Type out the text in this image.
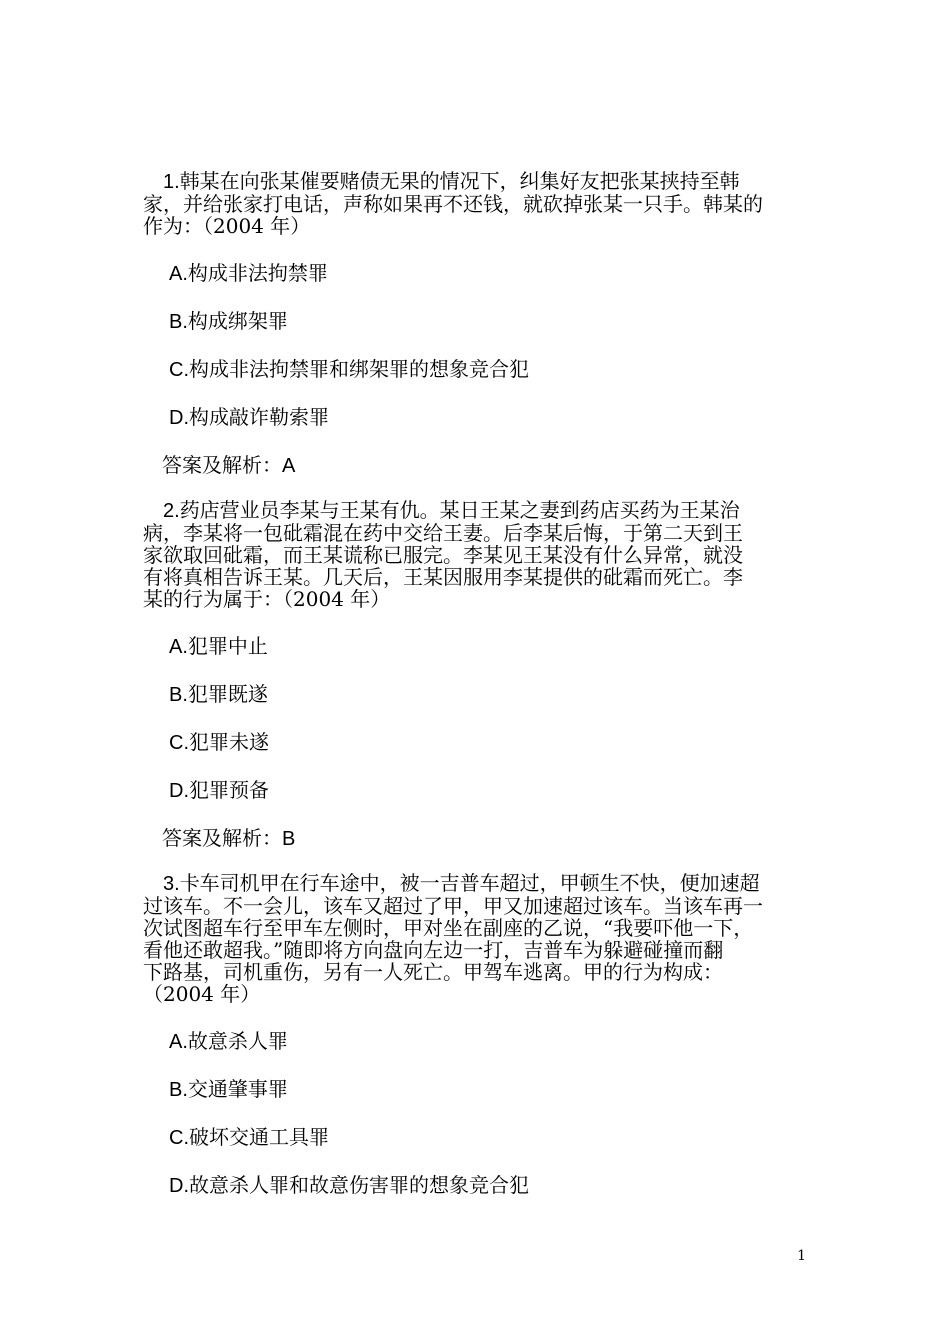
1.韩某在向张某催要赌债无果的情况下，纠集好友把张某挟持至韩
家，并给张家打电话，声称如果再不还钱，就砍掉张某一只手。韩某的
作为：（2004 年）

A.构成非法拘禁罪

B.构成绑架罪

C.构成非法拘禁罪和绑架罪的想象竞合犯

D.构成敲诈勒索罪

答案及解析：A

2.药店营业员李某与王某有仇。某日王某之妻到药店买药为王某治
病，李某将一包砒霜混在药中交给王妻。后李某后悔，于第二天到王
家欲取回砒霜，而王某谎称已服完。李某见王某没有什么异常，就没
有将真相告诉王某。几天后，王某因服用李某提供的砒霜而死亡。李
某的行为属于：（2004 年）

A.犯罪中止

B.犯罪既遂

C.犯罪未遂

D.犯罪预备

答案及解析：B

3.卡车司机甲在行车途中，被一吉普车超过，甲顿生不快，便加速超
过该车。不一会儿，该车又超过了甲，甲又加速超过该车。当该车再一
次试图超车行至甲车左侧时，甲对坐在副座的乙说，“我要吓他一下，
看他还敢超我。”随即将方向盘向左边一打，吉普车为躲避碰撞而翻
下路基，司机重伤，另有一人死亡。甲驾车逃离。甲的行为构成：
（2004 年）

A.故意杀人罪

B.交通肇事罪

C.破坏交通工具罪

D.故意杀人罪和故意伤害罪的想象竞合犯

1
